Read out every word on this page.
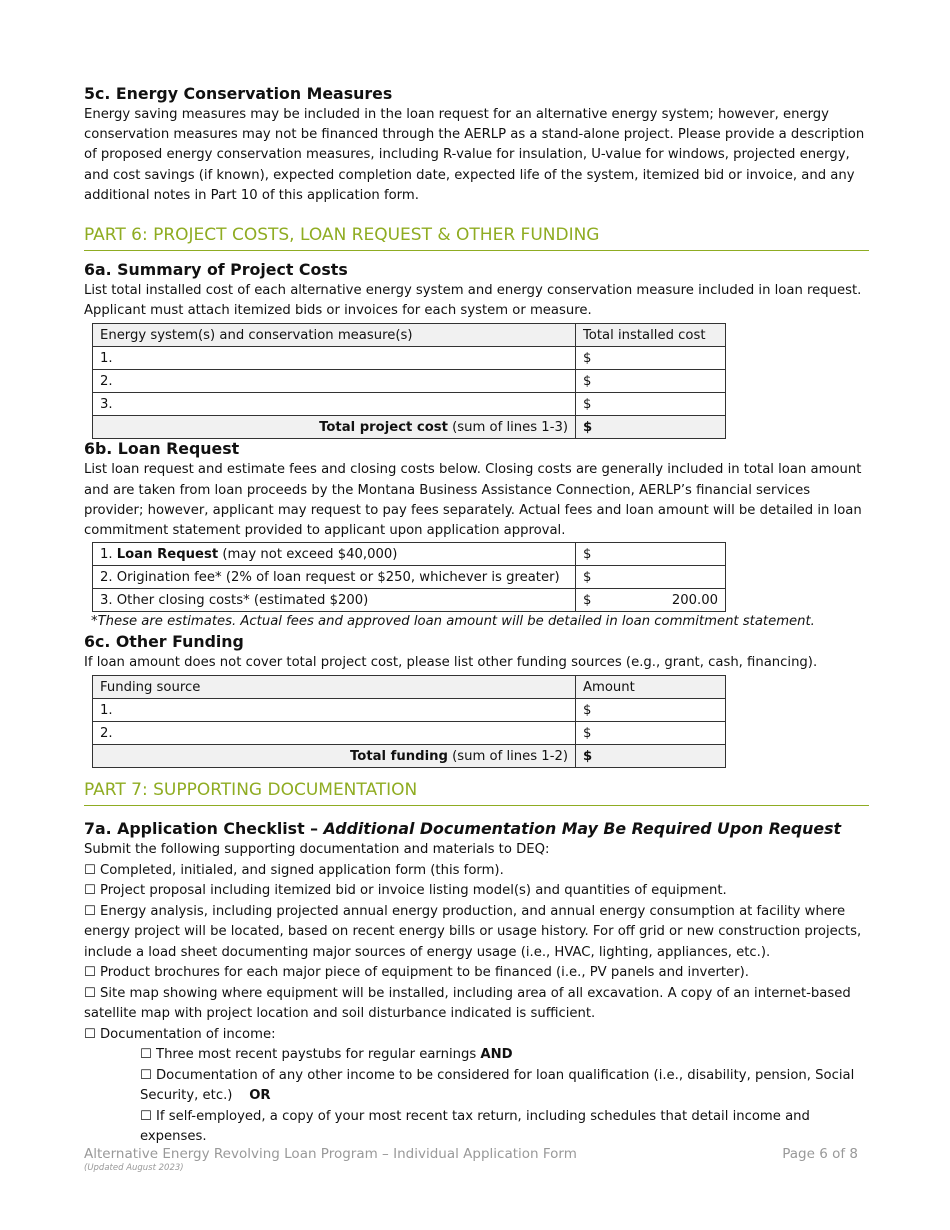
5c. Energy Conservation Measures

Energy saving measures may be included in the loan request for an alternative energy system; however, energy conservation measures may not be financed through the AERLP as a stand-alone project. Please provide a description of proposed energy conservation measures, including R-value for insulation, U-value for windows, projected energy, and cost savings (if known), expected completion date, expected life of the system, itemized bid or invoice, and any additional notes in Part 10 of this application form.

PART 6: PROJECT COSTS, LOAN REQUEST & OTHER FUNDING
6a. Summary of Project Costs

List total installed cost of each alternative energy system and energy conservation measure included in loan request. Applicant must attach itemized bids or invoices for each system or measure.

Energy system(s) and conservation measure(s)	Total installed cost
1.	$
2.	$
3.	$
Total project cost (sum of lines 1-3)	$
6b. Loan Request

List loan request and estimate fees and closing costs below. Closing costs are generally included in total loan amount and are taken from loan proceeds by the Montana Business Assistance Connection, AERLP’s financial services provider; however, applicant may request to pay fees separately. Actual fees and loan amount will be detailed in loan commitment statement provided to applicant upon application approval.

1. Loan Request (may not exceed $40,000)	$
2. Origination fee* (2% of loan request or $250, whichever is greater)	$
3. Other closing costs* (estimated $200)	$ 200.00

*These are estimates. Actual fees and approved loan amount will be detailed in loan commitment statement.

6c. Other Funding

If loan amount does not cover total project cost, please list other funding sources (e.g., grant, cash, financing).

Funding source	Amount
1.	$
2.	$
Total funding (sum of lines 1-2)	$
PART 7: SUPPORTING DOCUMENTATION
7a. Application Checklist – Additional Documentation May Be Required Upon Request

Submit the following supporting documentation and materials to DEQ:

☐ Completed, initialed, and signed application form (this form).

☐ Project proposal including itemized bid or invoice listing model(s) and quantities of equipment.

☐ Energy analysis, including projected annual energy production, and annual energy consumption at facility where energy project will be located, based on recent energy bills or usage history. For off grid or new construction projects, include a load sheet documenting major sources of energy usage (i.e., HVAC, lighting, appliances, etc.).

☐ Product brochures for each major piece of equipment to be financed (i.e., PV panels and inverter).

☐ Site map showing where equipment will be installed, including area of all excavation. A copy of an internet-based satellite map with project location and soil disturbance indicated is sufficient.

☐ Documentation of income:

☐ Three most recent paystubs for regular earnings AND

☐ Documentation of any other income to be considered for loan qualification (i.e., disability, pension, Social Security, etc.)    OR

☐ If self-employed, a copy of your most recent tax return, including schedules that detail income and expenses.

Alternative Energy Revolving Loan Program – Individual Application Form
(Updated August 2023)
Page 6 of 8
